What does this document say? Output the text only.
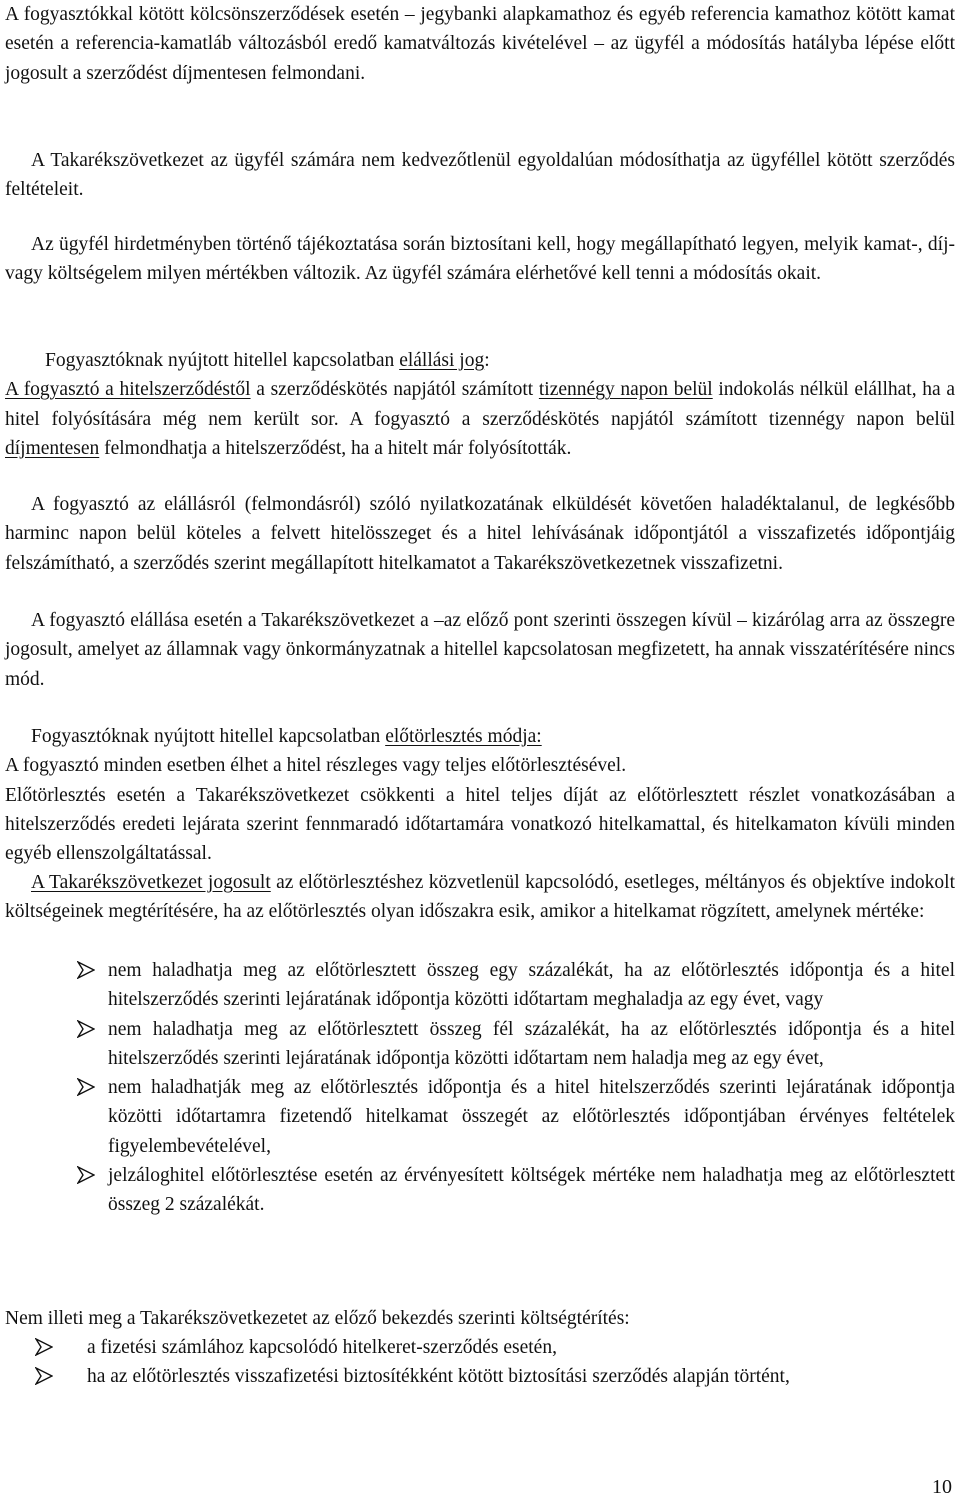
A fogyasztókkal kötött kölcsönszerződések esetén – jegybanki alapkamathoz és egyéb referencia kamathoz kötött kamat esetén a referencia-kamatláb változásból eredő kamatváltozás kivételével – az ügyfél a módosítás hatályba lépése előtt jogosult a szerződést díjmentesen felmondani.

A Takarékszövetkezet az ügyfél számára nem kedvezőtlenül egyoldalúan módosíthatja az ügyféllel kötött szerződés feltételeit.

Az ügyfél hirdetményben történő tájékoztatása során biztosítani kell, hogy megállapítható legyen, melyik kamat-, díj- vagy költségelem milyen mértékben változik. Az ügyfél számára elérhetővé kell tenni a módosítás okait.

Fogyasztóknak nyújtott hitellel kapcsolatban elállási jog:
A fogyasztó a hitelszerződéstől a szerződéskötés napjától számított tizennégy napon belül indokolás nélkül elállhat, ha a hitel folyósítására még nem került sor. A fogyasztó a szerződéskötés napjától számított tizennégy napon belül díjmentesen felmondhatja a hitelszerződést, ha a hitelt már folyósították.

A fogyasztó az elállásról (felmondásról) szóló nyilatkozatának elküldését követően haladéktalanul, de legkésőbb harminc napon belül köteles a felvett hitelösszeget és a hitel lehívásának időpontjától a visszafizetés időpontjáig felszámítható, a szerződés szerint megállapított hitelkamatot a Takarékszövetkezetnek visszafizetni.

A fogyasztó elállása esetén a Takarékszövetkezet a –az előző pont szerinti összegen kívül – kizárólag arra az összegre jogosult, amelyet az államnak vagy önkormányzatnak a hitellel kapcsolatosan megfizetett, ha annak visszatérítésére nincs mód.

Fogyasztóknak nyújtott hitellel kapcsolatban előtörlesztés módja:
A fogyasztó minden esetben élhet a hitel részleges vagy teljes előtörlesztésével.
Előtörlesztés esetén a Takarékszövetkezet csökkenti a hitel teljes díját az előtörlesztett részlet vonatkozásában a hitelszerződés eredeti lejárata szerint fennmaradó időtartamára vonatkozó hitelkamattal, és hitelkamaton kívüli minden egyéb ellenszolgáltatással.

A Takarékszövetkezet jogosult az előtörlesztéshez közvetlenül kapcsolódó, esetleges, méltányos és objektíve indokolt költségeinek megtérítésére, ha az előtörlesztés olyan időszakra esik, amikor a hitelkamat rögzített, amelynek mértéke:

nem haladhatja meg az előtörlesztett összeg egy százalékát, ha az előtörlesztés időpontja és a hitel hitelszerződés szerinti lejáratának időpontja közötti időtartam meghaladja az egy évet, vagy
nem haladhatja meg az előtörlesztett összeg fél százalékát, ha az előtörlesztés időpontja és a hitel hitelszerződés szerinti lejáratának időpontja közötti időtartam nem haladja meg az egy évet,
nem haladhatják meg az előtörlesztés időpontja és a hitel hitelszerződés szerinti lejáratának időpontja közötti időtartamra fizetendő hitelkamat összegét az előtörlesztés időpontjában érvényes feltételek figyelembevételével,
jelzáloghitel előtörlesztése esetén az érvényesített költségek mértéke nem haladhatja meg az előtörlesztett összeg 2 százalékát.

Nem illeti meg a Takarékszövetkezetet az előző bekezdés szerinti költségtérítés:

a fizetési számlához kapcsolódó hitelkeret-szerződés esetén,
ha az előtörlesztés visszafizetési biztosítékként kötött biztosítási szerződés alapján történt,
10
